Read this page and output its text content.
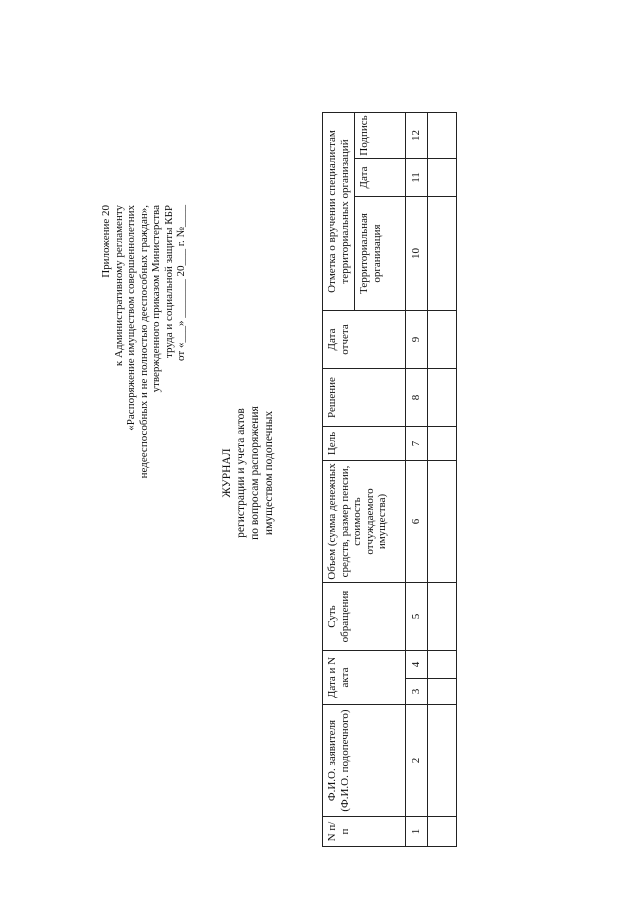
Приложение 20 к Административному регламенту «Распоряжение имуществом совершеннолетних недееспособных и не полностью дееспособных граждан», утвержденного приказом Министерства труда и социальной защиты КБР от «___» _______ 20___ г. №____
ЖУРНАЛ регистрации и учета актов по вопросам распоряжения имуществом подопечных
N п/п	Ф.И.О. заявителя (Ф.И.О. подопечного)	Дата и N акта		Суть обращения	Объем (сумма денежных средств, размер пенсии, стоимость отчуждаемого имущества)	Цель	Решение	Дата отчета	Отметка о вручении специалистам территориальных организаций		
									Территориальная организация	Дата	Подпись
1	2	3	4	5	6	7	8	9	10	11	12
